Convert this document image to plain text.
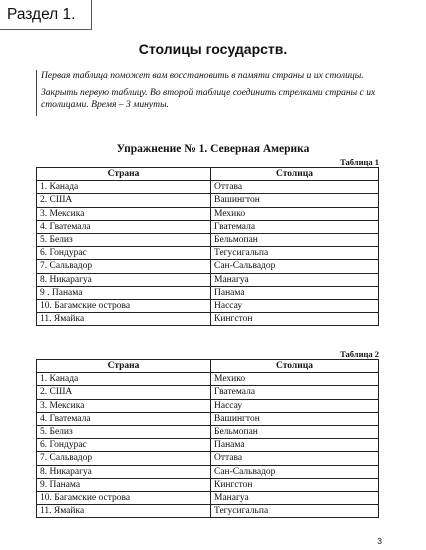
Раздел 1.
Столицы государств.

Первая таблица поможет вам восстановить в памяти страны и их столицы.

Закрыть первую таблицу. Во второй таблице соединить стрелками страны с их столицами. Время – 3 минуты.

Упражнение № 1. Северная Америка
Таблица 1
Страна	Столица
1. Канада	Оттава
2. США	Вашингтон
3. Мексика	Мехико
4. Гватемала	Гватемала
5. Белиз	Бельмопан
6. Гондурас	Тегусигальпа
7. Сальвадор	Сан-Сальвадор
8. Никарагуа	Манагуа
9 . Панама	Панама
10. Багамские острова	Нассау
11. Ямайка	Кингстон
Таблица 2
Страна	Столица
1. Канада	Мехико
2. США	Гватемала
3. Мексика	Нассау
4. Гватемала	Вашингтон
5. Белиз	Бельмопан
6. Гондурас	Панама
7. Сальвадор	Оттава
8. Никарагуа	Сан-Сальвадор
9. Панама	Кингстон
10. Багамские острова	Манагуа
11. Ямайка	Тегусигальпа
3
